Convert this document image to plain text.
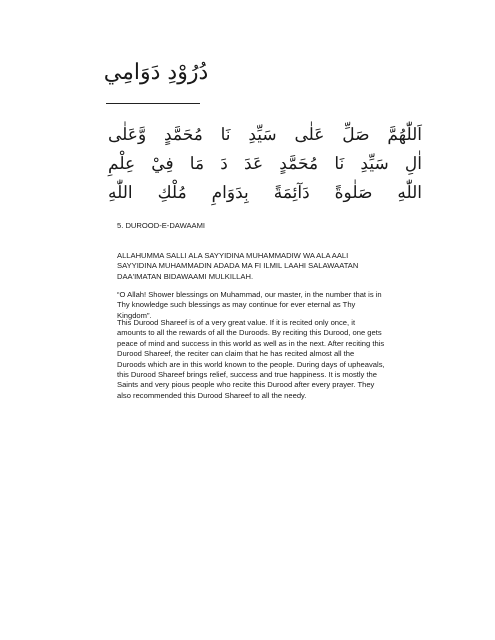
دُرُوْدِ دَوَامِي
اَللّٰهُمَّ صَلِّ عَلٰى سَيِّدِ نَا مُحَمَّدٍ وَّعَلٰى
اٰلِ سَيِّدِ نَا مُحَمَّدٍ عَدَ دَ مَا فِيْ عِلْمِ
اللّٰهِ صَلٰوةً دَآئِمَةً بِدَوَامِ مُلْكِ اللّٰهِ
5. DUROOD-E-DAWAAMI

ALLAHUMMA SALLI ALA SAYYIDINA MUHAMMADIW WA ALA AALI SAYYIDINA MUHAMMADIN ADADA MA FI ILMIL LAAHI SALAWAATAN DAA'IMATAN BIDAWAAMI MULKILLAH.

“O Allah! Shower blessings on Muhammad, our master, in the number that is in Thy knowledge such blessings as may continue for ever eternal as Thy Kingdom”.

This Durood Shareef is of a very great value. If it is recited only once, it amounts to all the rewards of all the Duroods. By reciting this Durood, one gets peace of mind and success in this world as well as in the next. After reciting this Durood Shareef, the reciter can claim that he has recited almost all the Duroods which are in this world known to the people. During days of upheavals, this Durood Shareef brings relief, success and true happiness. It is mostly the Saints and very pious people who recite this Durood after every prayer. They also recommended this Durood Shareef to all the needy.
